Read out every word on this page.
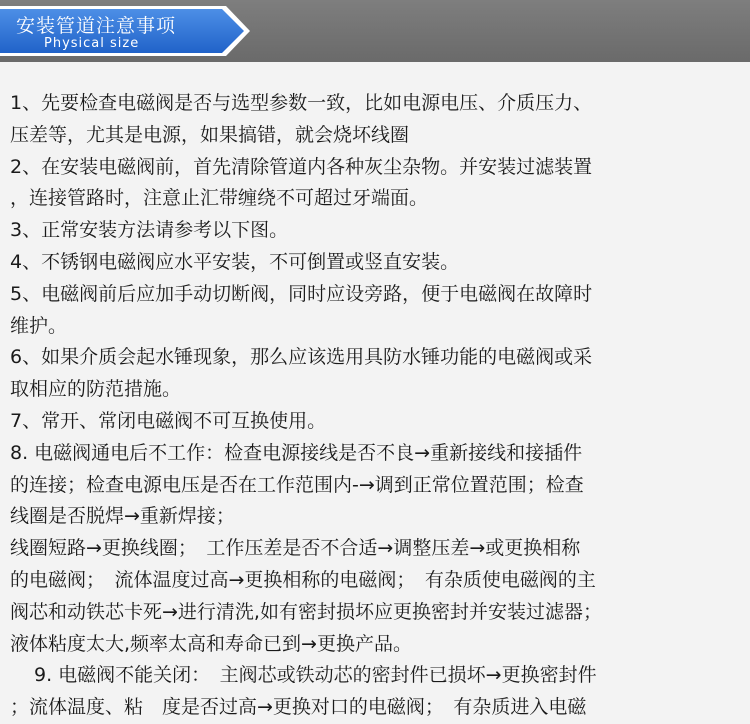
安装管道注意事项
Physical size
1、先要检查电磁阀是否与选型参数一致，比如电源电压、介质压力、
压差等，尤其是电源，如果搞错，就会烧坏线圈
2、在安装电磁阀前，首先清除管道内各种灰尘杂物。并安装过滤装置
，连接管路时，注意止汇带缠绕不可超过牙端面。
3、正常安装方法请参考以下图。
4、不锈钢电磁阀应水平安装，不可倒置或竖直安装。
5、电磁阀前后应加手动切断阀，同时应设旁路，便于电磁阀在故障时
维护。
6、如果介质会起水锤现象，那么应该选用具防水锤功能的电磁阀或采
取相应的防范措施。
7、常开、常闭电磁阀不可互换使用。
8. 电磁阀通电后不工作：检查电源接线是否不良→重新接线和接插件
的连接；检查电源电压是否在工作范围内-→调到正常位置范围；检查
线圈是否脱焊→重新焊接；
线圈短路→更换线圈；　工作压差是否不合适→调整压差→或更换相称
的电磁阀；　流体温度过高→更换相称的电磁阀；　有杂质使电磁阀的主
阀芯和动铁芯卡死→进行清洗,如有密封损坏应更换密封并安装过滤器；
液体粘度太大,频率太高和寿命已到→更换产品。
9. 电磁阀不能关闭：　主阀芯或铁动芯的密封件已损坏→更换密封件
；流体温度、粘　度是否过高→更换对口的电磁阀；　有杂质进入电磁
